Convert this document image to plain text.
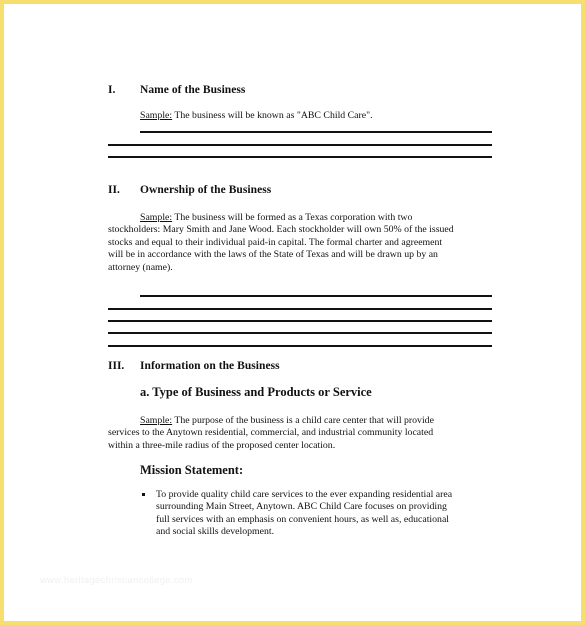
I. Name of the Business
Sample: The business will be known as "ABC Child Care".
II. Ownership of the Business
Sample: The business will be formed as a Texas corporation with two
stockholders: Mary Smith and Jane Wood. Each stockholder will own 50% of the issued
stocks and equal to their individual paid-in capital. The formal charter and agreement
will be in accordance with the laws of the State of Texas and will be drawn up by an
attorney (name).
III. Information on the Business
a. Type of Business and Products or Service
Sample: The purpose of the business is a child care center that will provide
services to the Anytown residential, commercial, and industrial community located
within a three-mile radius of the proposed center location.
Mission Statement:
To provide quality child care services to the ever expanding residential area
surrounding Main Street, Anytown. ABC Child Care focuses on providing
full services with an emphasis on convenient hours, as well as, educational
and social skills development.
www.heritagechristiancollege.com
